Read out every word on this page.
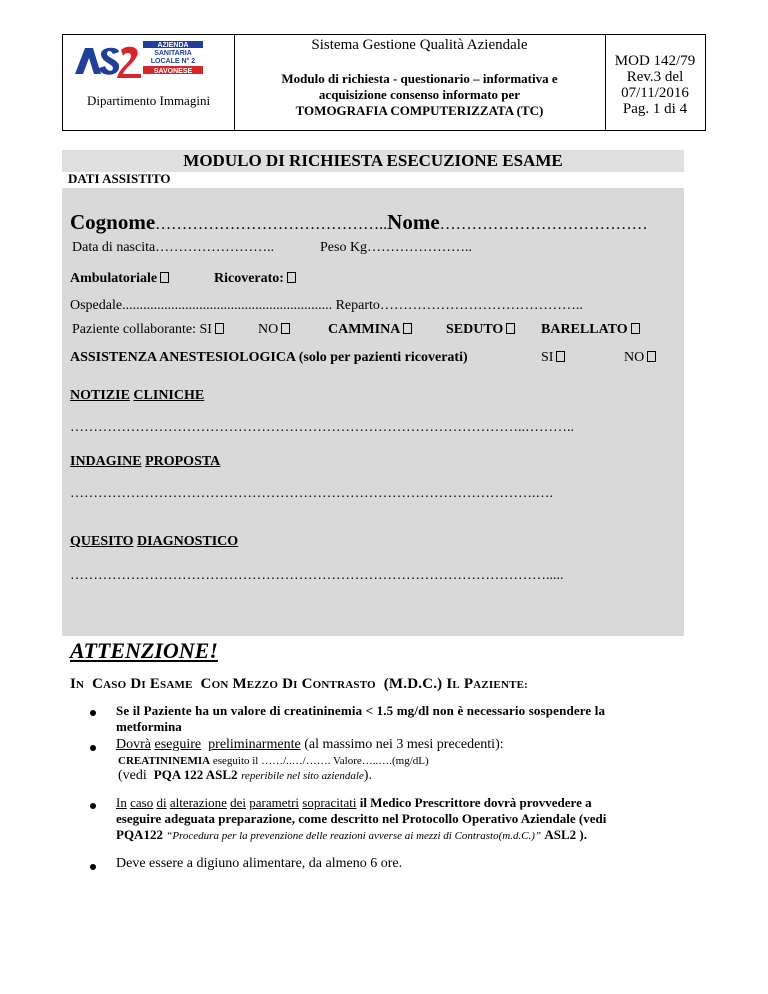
AZIENDA
SANITARIA
LOCALE N° 2
SAVONESE
Dipartimento Immagini
Sistema Gestione Qualità Aziendale
Modulo di richiesta - questionario – informativa e
acquisizione consenso informato per
TOMOGRAFIA COMPUTERIZZATA (TC)
MOD 142/79
Rev.3 del
07/11/2016
Pag. 1 di 4
MODULO DI RICHIESTA ESECUZIONE ESAME
DATI ASSISTITO
Cognome……………………………………..Nome…………………………………
Data di nascita……………………..	Peso Kg…………………..
Ambulatoriale	Ricoverato:
Ospedale............................................................ Reparto……………………………………..
Paziente collaborante: SI	NO	CAMMINA	SEDUTO	BARELLATO
ASSISTENZA ANESTESIOLOGICA (solo per pazienti ricoverati)	SI	NO
NOTIZIE CLINICHE
……………………………………………………………………………………..………..
INDAGINE PROPOSTA
……………………………………………………………………………………….….
QUESITO DIAGNOSTICO
………………………………………………………………………………………….....
ATTENZIONE!
IN CASO DI ESAME CON MEZZO DI CONTRASTO (M.D.C.) IL PAZIENTE:
Se il Paziente ha un valore di creatininemia < 1.5 mg/dl non è necessario sospendere la
metformina
Dovrà eseguire preliminarmente (al massimo nei 3 mesi precedenti):
CREATININEMIA eseguito il ……/..…/……. Valore…..….(mg/dL)
(vedi PQA 122 ASL2 reperibile nel sito aziendale).
In caso di alterazione dei parametri sopracitati il Medico Prescrittore dovrà provvedere a
eseguire adeguata preparazione, come descritto nel Protocollo Operativo Aziendale (vedi
PQA122 “Procedura per la prevenzione delle reazioni avverse ai mezzi di Contrasto(m.d.C.)” ASL2 ).
Deve essere a digiuno alimentare, da almeno 6 ore.
